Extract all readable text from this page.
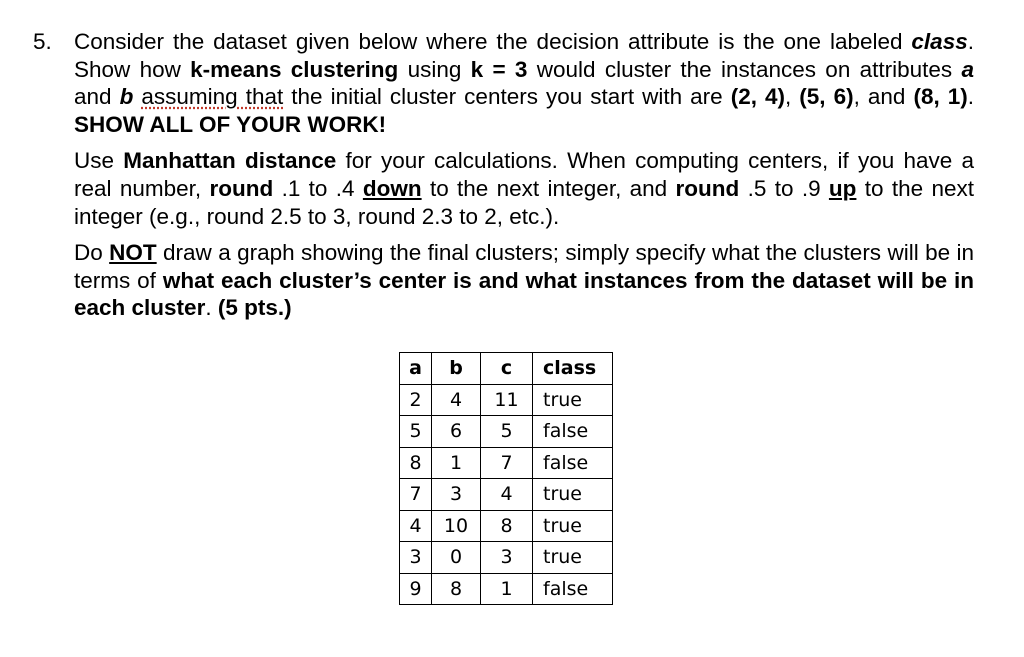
5. Consider the dataset given below where the decision attribute is the one labeled class. Show how k-means clustering using k = 3 would cluster the instances on attributes a and b assuming that the initial cluster centers you start with are (2, 4), (5, 6), and (8, 1). SHOW ALL OF YOUR WORK!

Use Manhattan distance for your calculations. When computing centers, if you have a real number, round .1 to .4 down to the next integer, and round .5 to .9 up to the next integer (e.g., round 2.5 to 3, round 2.3 to 2, etc.).

Do NOT draw a graph showing the final clusters; simply specify what the clusters will be in terms of what each cluster’s center is and what instances from the dataset will be in each cluster. (5 pts.)

a	b	c	class
2	4	11	true
5	6	5	false
8	1	7	false
7	3	4	true
4	10	8	true
3	0	3	true
9	8	1	false
